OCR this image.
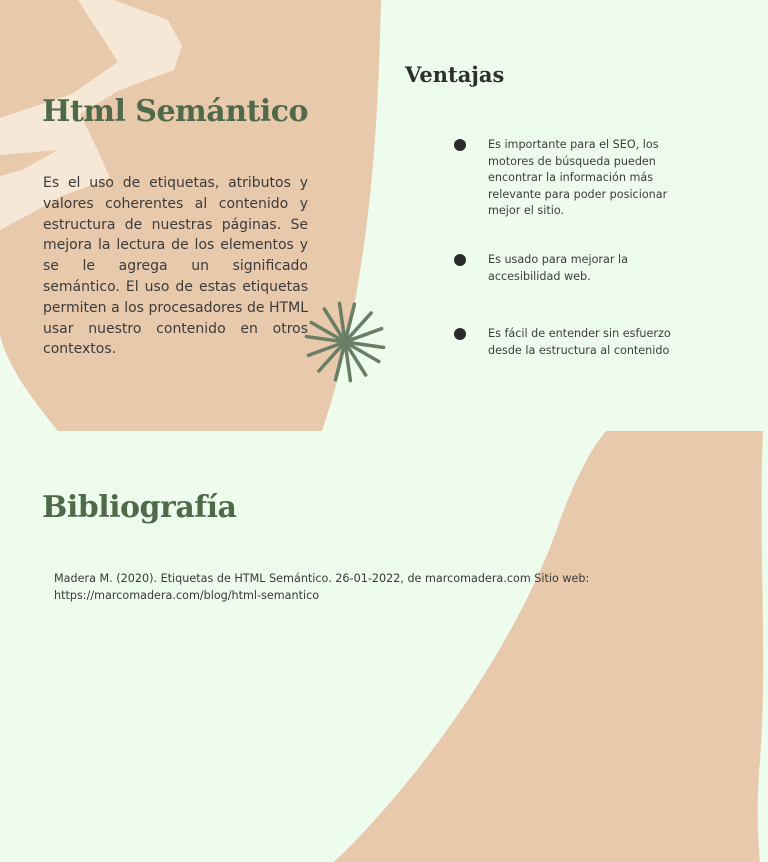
Html Semántico

Es el uso de etiquetas, atributos y valores coherentes al contenido y estructura de nuestras páginas. Se mejora la lectura de los elementos y se le agrega un significado semántico. El uso de estas etiquetas permiten a los procesadores de HTML usar nuestro contenido en otros contextos.

Ventajas
Es importante para el SEO, los motores de búsqueda pueden encontrar la información más relevante para poder posicionar mejor el sitio.
Es usado para mejorar la accesibilidad web.
Es fácil de entender sin esfuerzo desde la estructura al contenido
Bibliografía

Madera M. (2020). Etiquetas de HTML Semántico. 26-01-2022, de marcomadera.com Sitio web: https://marcomadera.com/blog/html-semantico
